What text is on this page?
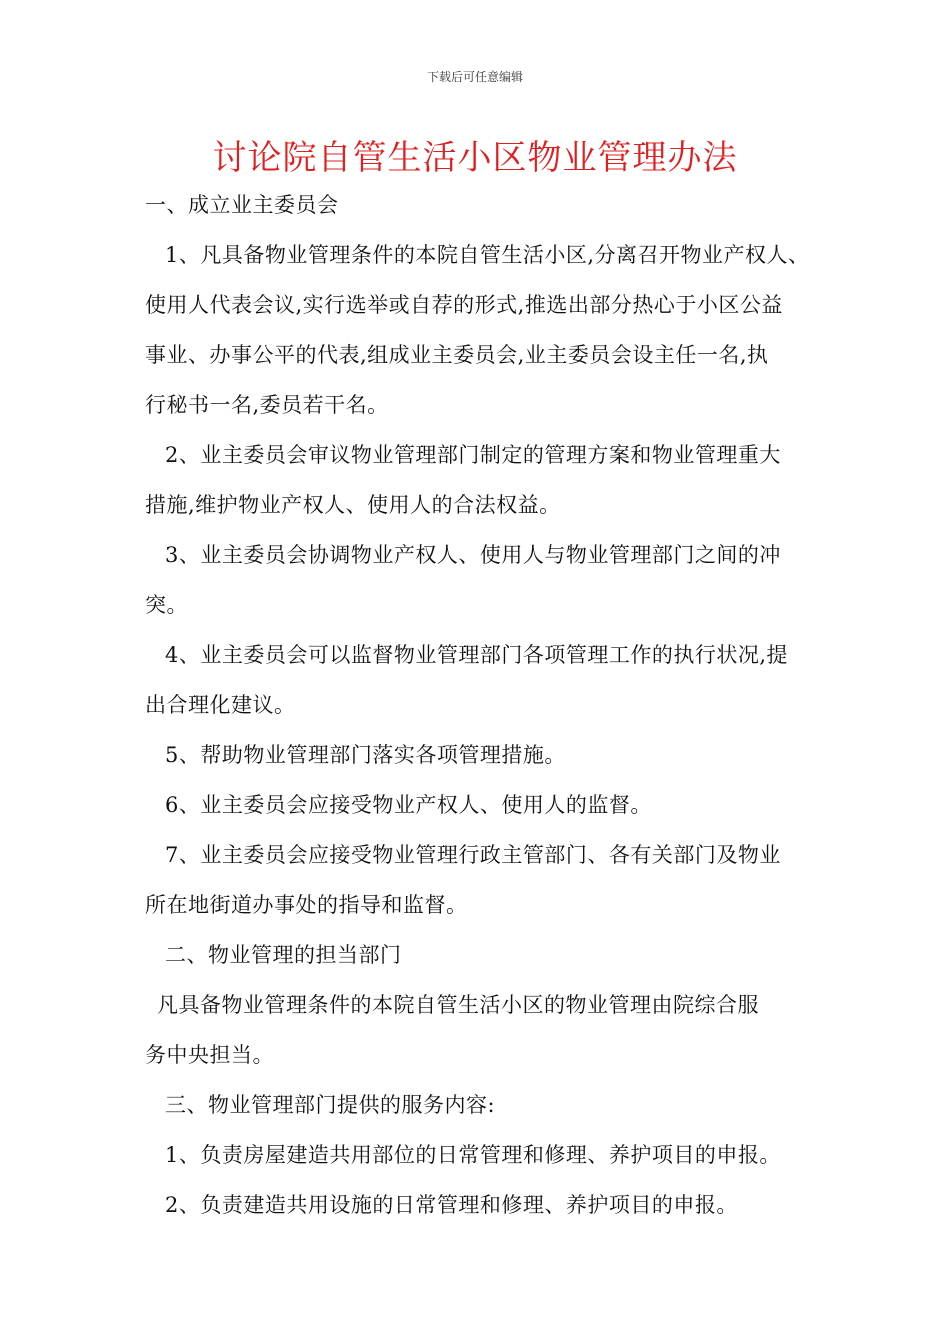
下载后可任意编辑
讨论院自管生活小区物业管理办法
一、成立业主委员会
1、凡具备物业管理条件的本院自管生活小区,分离召开物业产权人、
使用人代表会议,实行选举或自荐的形式,推选出部分热心于小区公益
事业、办事公平的代表,组成业主委员会,业主委员会设主任一名,执
行秘书一名,委员若干名。
2、业主委员会审议物业管理部门制定的管理方案和物业管理重大
措施,维护物业产权人、使用人的合法权益。
3、业主委员会协调物业产权人、使用人与物业管理部门之间的冲
突。
4、业主委员会可以监督物业管理部门各项管理工作的执行状况,提
出合理化建议。
5、帮助物业管理部门落实各项管理措施。
6、业主委员会应接受物业产权人、使用人的监督。
7、业主委员会应接受物业管理行政主管部门、各有关部门及物业
所在地街道办事处的指导和监督。
二、物业管理的担当部门
凡具备物业管理条件的本院自管生活小区的物业管理由院综合服
务中央担当。
三、物业管理部门提供的服务内容:
1、负责房屋建造共用部位的日常管理和修理、养护项目的申报。
2、负责建造共用设施的日常管理和修理、养护项目的申报。
